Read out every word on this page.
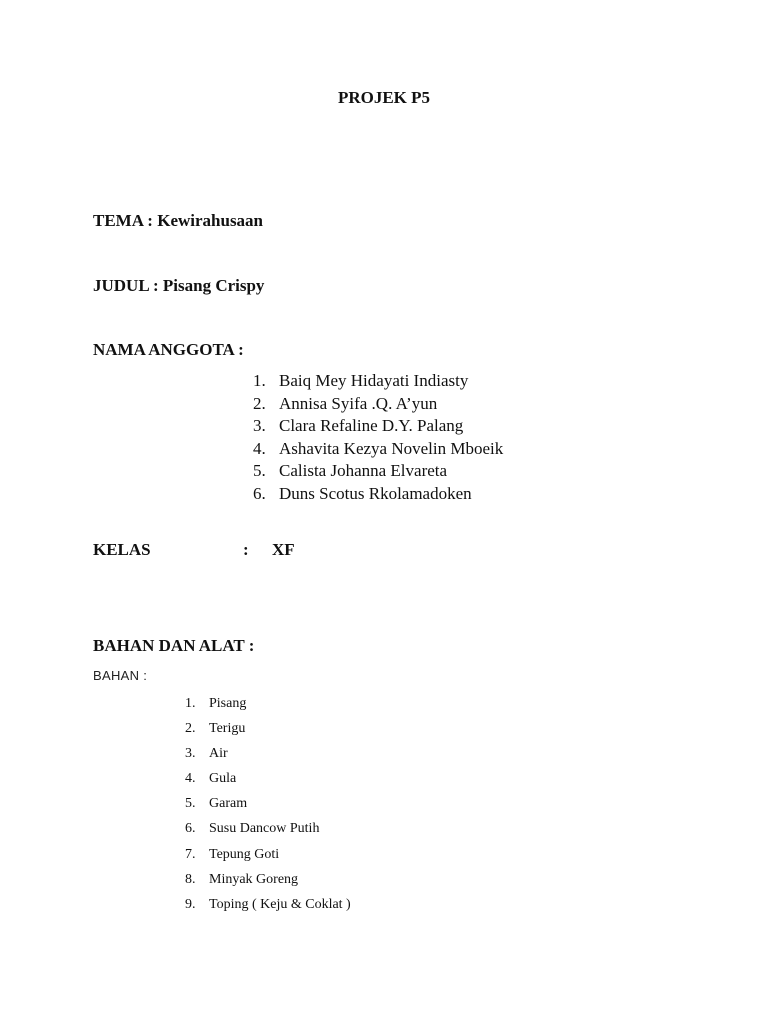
PROJEK P5
TEMA : Kewirahusaan
JUDUL : Pisang Crispy
NAMA ANGGOTA :
1. Baiq Mey Hidayati Indiasty
2. Annisa Syifa .Q. A’yun
3. Clara Refaline D.Y. Palang
4. Ashavita Kezya Novelin Mboeik
5. Calista Johanna Elvareta
6. Duns Scotus Rkolamadoken
KELAS	: XF
BAHAN DAN ALAT :
BAHAN :
1. Pisang
2. Terigu
3. Air
4. Gula
5. Garam
6. Susu Dancow Putih
7. Tepung Goti
8. Minyak Goreng
9. Toping ( Keju & Coklat )
